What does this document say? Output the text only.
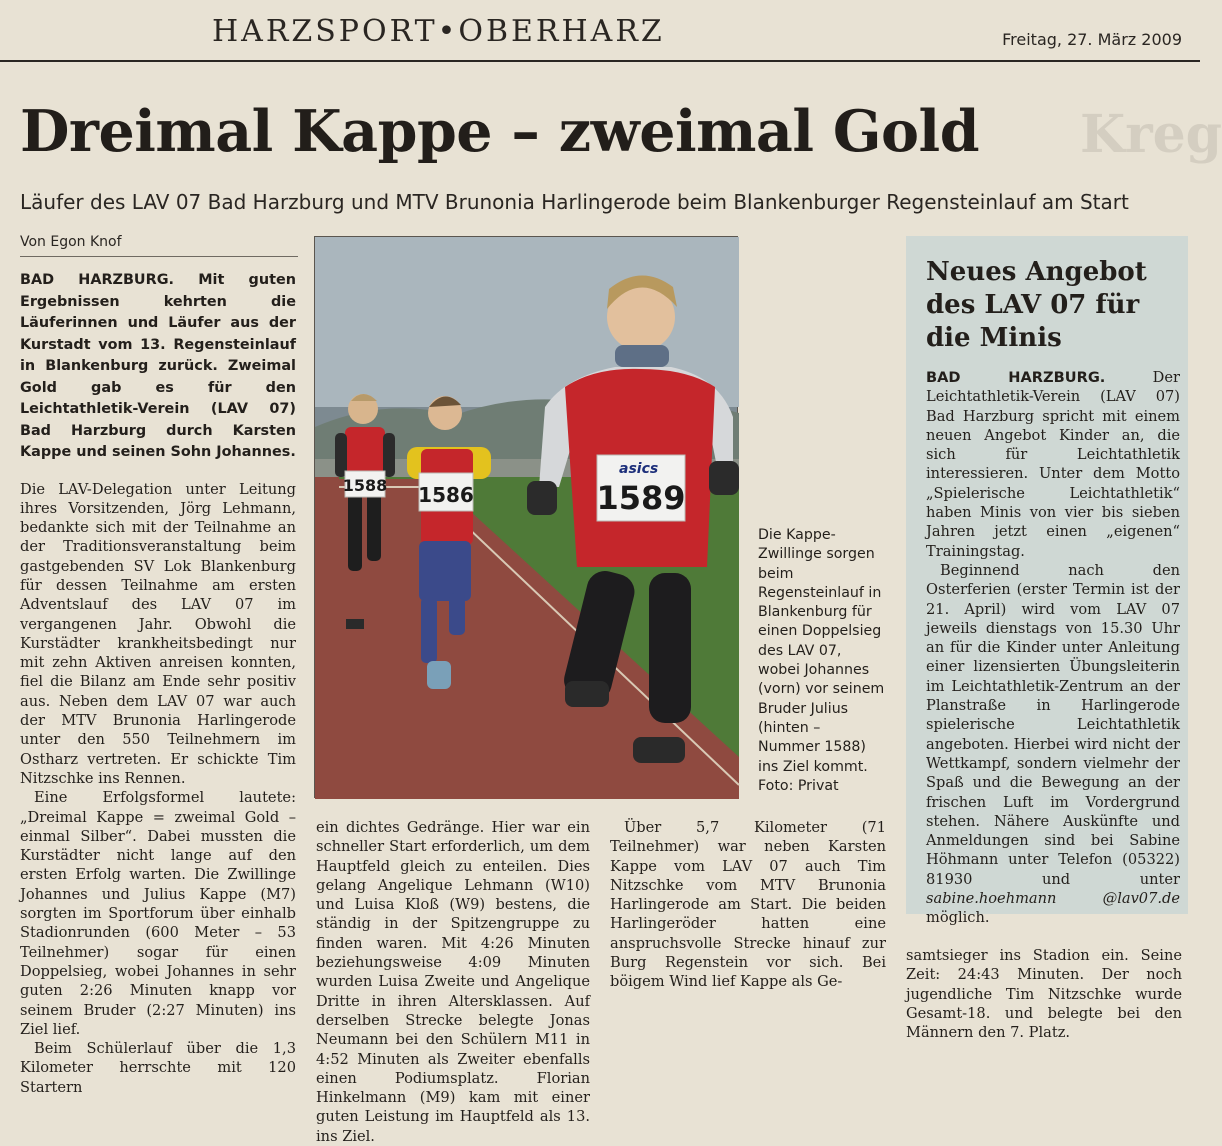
HARZSPORT•OBERHARZ	Freitag, 27. März 2009
Dreimal Kappe – zweimal Gold Kreg
Läufer des LAV 07 Bad Harzburg und MTV Brunonia Harlingerode beim Blankenburger Regensteinlauf am Start
Von Egon Knof

BAD HARZBURG. Mit guten Ergebnissen kehrten die Läuferinnen und Läufer aus der Kurstadt vom 13. Regensteinlauf in Blankenburg zurück. Zweimal Gold gab es für den Leichtathletik-Verein (LAV 07) Bad Harzburg durch Karsten Kappe und seinen Sohn Johannes.

Die LAV-Delegation unter Leitung ihres Vorsitzenden, Jörg Lehmann, bedankte sich mit der Teilnahme an der Traditionsveranstaltung beim gastgebenden SV Lok Blankenburg für dessen Teilnahme am ersten Adventslauf des LAV 07 im vergangenen Jahr. Obwohl die Kurstädter krankheitsbedingt nur mit zehn Aktiven anreisen konnten, fiel die Bilanz am Ende sehr positiv aus. Neben dem LAV 07 war auch der MTV Brunonia Harlingerode unter den 550 Teilnehmern im Ostharz vertreten. Er schickte Tim Nitzschke ins Rennen.

Eine Erfolgsformel lautete: „Dreimal Kappe = zweimal Gold – einmal Silber“. Dabei mussten die Kurstädter nicht lange auf den ersten Erfolg warten. Die Zwillinge Johannes und Julius Kappe (M7) sorgten im Sportforum über einhalb Stadionrunden (600 Meter – 53 Teilnehmer) sogar für einen Doppelsieg, wobei Johannes in sehr guten 2:26 Minuten knapp vor seinem Bruder (2:27 Minuten) ins Ziel lief.

Beim Schülerlauf über die 1,3 Kilometer herrschte mit 120 Startern

1588 1586
asics
1589
Die Kappe-Zwillinge sorgen beim Regensteinlauf in Blankenburg für einen Doppelsieg des LAV 07, wobei Johannes (vorn) vor seinem Bruder Julius (hinten – Nummer 1588) ins Ziel kommt. Foto: Privat

ein dichtes Gedränge. Hier war ein schneller Start erforderlich, um dem Hauptfeld gleich zu enteilen. Dies gelang Angelique Lehmann (W10) und Luisa Kloß (W9) bestens, die ständig in der Spitzengruppe zu finden waren. Mit 4:26 Minuten beziehungsweise 4:09 Minuten wurden Luisa Zweite und Angelique Dritte in ihren Altersklassen. Auf derselben Strecke belegte Jonas Neumann bei den Schülern M11 in 4:52 Minuten als Zweiter ebenfalls einen Podiumsplatz. Florian Hinkelmann (M9) kam mit einer guten Leistung im Hauptfeld als 13. ins Ziel.

Über 5,7 Kilometer (71 Teilnehmer) war neben Karsten Kappe vom LAV 07 auch Tim Nitzschke vom MTV Brunonia Harlingerode am Start. Die beiden Harlingeröder hatten eine anspruchsvolle Strecke hinauf zur Burg Regenstein vor sich. Bei böigem Wind lief Kappe als Ge-

samtsieger ins Stadion ein. Seine Zeit: 24:43 Minuten. Der noch jugendliche Tim Nitzschke wurde Gesamt-18. und belegte bei den Männern den 7. Platz.

Neues Angebot des LAV 07 für die Minis

BAD HARZBURG.	Der Leichtathletik-Verein (LAV 07) Bad Harzburg spricht mit einem neuen Angebot Kinder an, die sich für Leichtathletik interessieren. Unter dem Motto „Spielerische Leichtathletik“ haben Minis von vier bis sieben Jahren jetzt einen „eigenen“ Trainingstag.

Beginnend nach den Osterferien (erster Termin ist der 21. April) wird vom LAV 07 jeweils dienstags von 15.30 Uhr an für die Kinder unter Anleitung einer lizensierten Übungsleiterin im Leichtathletik-Zentrum an der Planstraße in Harlingerode spielerische Leichtathletik angeboten. Hierbei wird nicht der Wettkampf, sondern vielmehr der Spaß und die Bewegung an der frischen Luft im Vordergrund stehen. Nähere Auskünfte und Anmeldungen sind bei Sabine Höhmann unter Telefon (05322) 81930 und unter sabine.hoehmann @lav07.de möglich.
